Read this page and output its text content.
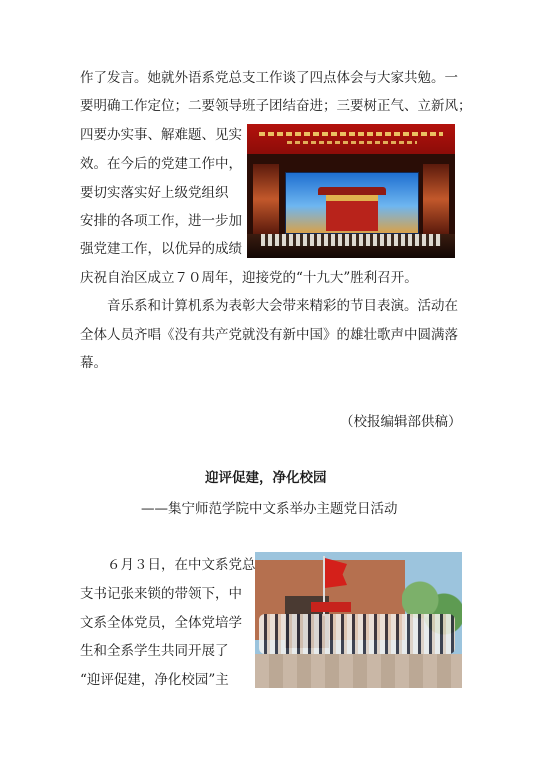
作了发言。她就外语系党总支工作谈了四点体会与大家共勉。一
要明确工作定位；二要领导班子团结奋进；三要树正气、立新风；
四要办实事、解难题、见实
效。在今后的党建工作中，
要切实落实好上级党组织
安排的各项工作，进一步加
强党建工作，以优异的成绩
庆祝自治区成立７０周年，迎接党的“十九大”胜利召开。
音乐系和计算机系为表彰大会带来精彩的节目表演。活动在
全体人员齐唱《没有共产党就没有新中国》的雄壮歌声中圆满落
幕。
（校报编辑部供稿）
迎评促建，净化校园
——集宁师范学院中文系举办主题党日活动
６月３日，在中文系党总
支书记张来锁的带领下，中
文系全体党员，全体党培学
生和全系学生共同开展了
“迎评促建，净化校园”主
